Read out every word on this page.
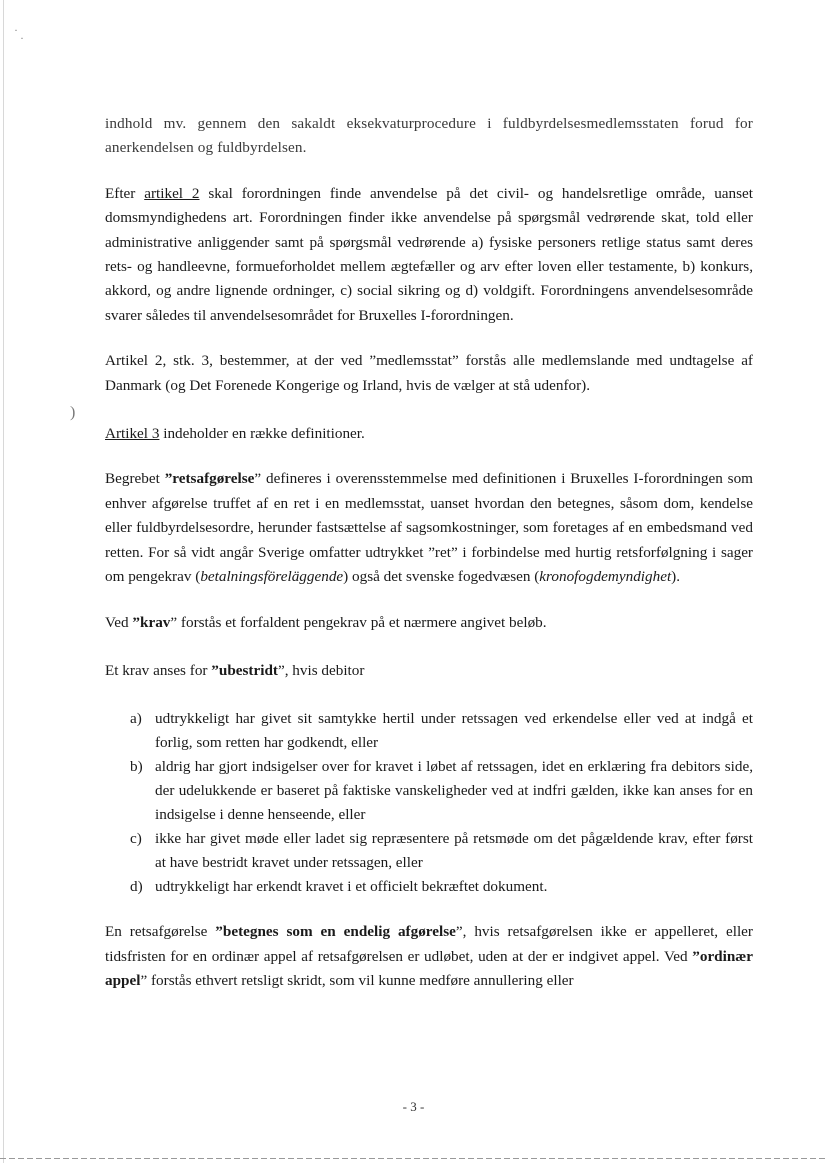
·
·
)

indhold mv. gennem den sakaldt eksekvaturprocedure i fuldbyrdelsesmedlemsstaten forud for anerkendelsen og fuldbyrdelsen.

Efter artikel 2 skal forordningen finde anvendelse på det civil- og handelsretlige område, uanset domsmyndighedens art. Forordningen finder ikke anvendelse på spørgsmål vedrørende skat, told eller administrative anliggender samt på spørgsmål vedrørende a) fysiske personers retlige status samt deres rets- og handleevne, formueforholdet mellem ægtefæller og arv efter loven eller testamente, b) konkurs, akkord, og andre lignende ordninger, c) social sikring og d) voldgift. Forordningens anvendelsesområde svarer således til anvendelsesområdet for Bruxelles I-forordningen.

Artikel 2, stk. 3, bestemmer, at der ved ”medlemsstat” forstås alle medlemslande med undtagelse af Danmark (og Det Forenede Kongerige og Irland, hvis de vælger at stå udenfor).

Artikel 3 indeholder en række definitioner.

Begrebet ”retsafgørelse” defineres i overensstemmelse med definitionen i Bruxelles I-forordningen som enhver afgørelse truffet af en ret i en medlemsstat, uanset hvordan den betegnes, såsom dom, kendelse eller fuldbyrdelsesordre, herunder fastsættelse af sagsomkostninger, som foretages af en embedsmand ved retten. For så vidt angår Sverige omfatter udtrykket ”ret” i forbindelse med hurtig retsforfølgning i sager om pengekrav (betalningsföreläggende) også det svenske fogedvæsen (kronofogdemyndighet).

Ved ”krav” forstås et forfaldent pengekrav på et nærmere angivet beløb.

Et krav anses for ”ubestridt”, hvis debitor

a) udtrykkeligt har givet sit samtykke hertil under retssagen ved erkendelse eller ved at indgå et forlig, som retten har godkendt, eller
b) aldrig har gjort indsigelser over for kravet i løbet af retssagen, idet en erklæring fra debitors side, der udelukkende er baseret på faktiske vanskeligheder ved at indfri gælden, ikke kan anses for en indsigelse i denne henseende, eller
c) ikke har givet møde eller ladet sig repræsentere på retsmøde om det pågældende krav, efter først at have bestridt kravet under retssagen, eller
d) udtrykkeligt har erkendt kravet i et officielt bekræftet dokument.

En retsafgørelse ”betegnes som en endelig afgørelse”, hvis retsafgørelsen ikke er appelleret, eller tidsfristen for en ordinær appel af retsafgørelsen er udløbet, uden at der er indgivet appel. Ved ”ordinær appel” forstås ethvert retsligt skridt, som vil kunne medføre annullering eller

- 3 -
